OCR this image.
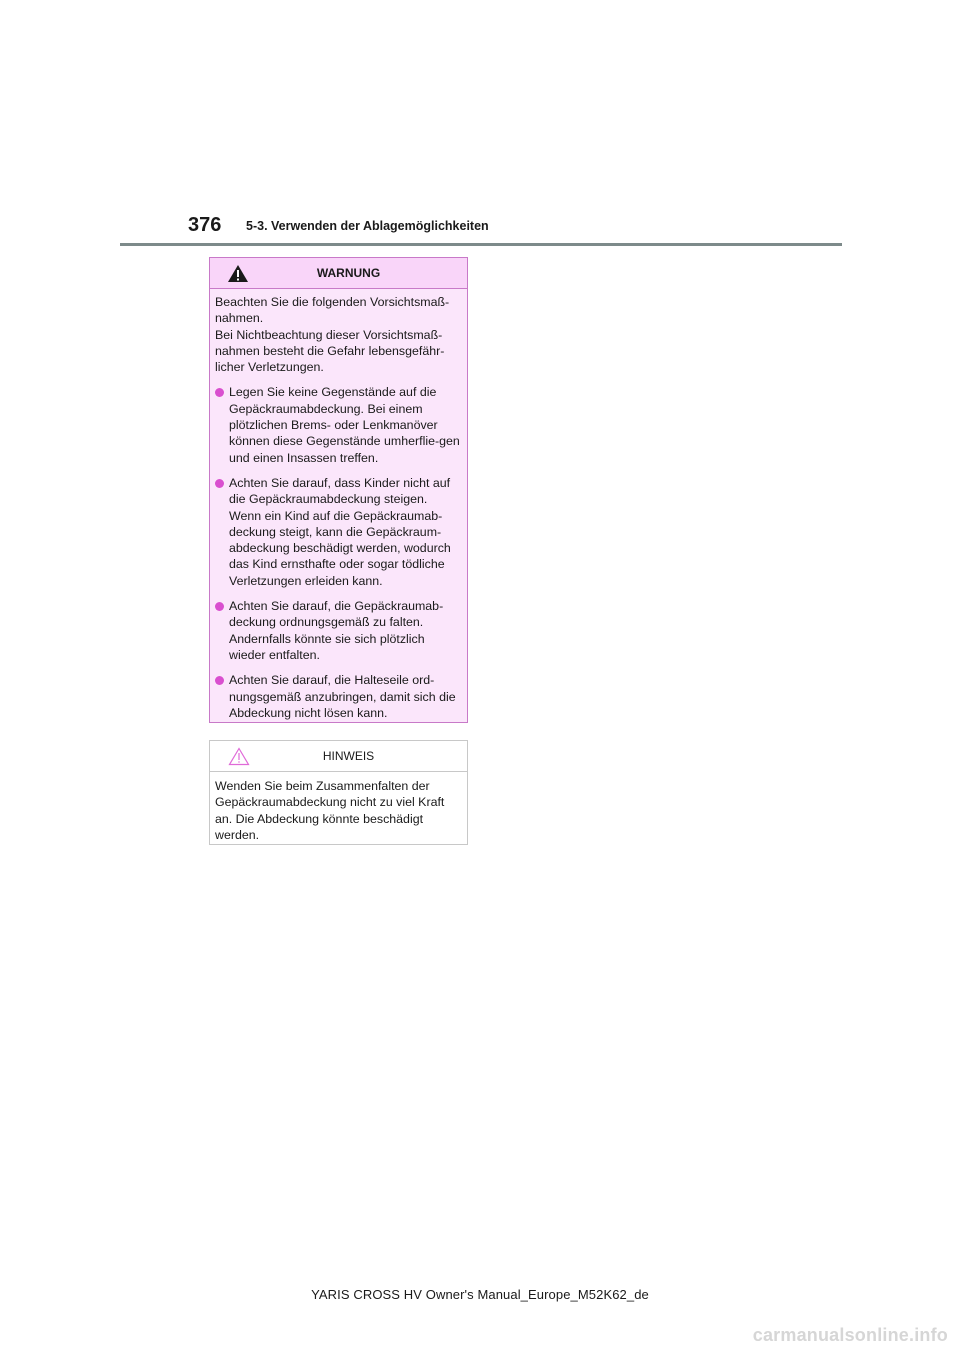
376 5-3. Verwenden der Ablagemöglichkeiten
WARNUNG

Beachten Sie die folgenden Vorsichtsmaß-nahmen.
Bei Nichtbeachtung dieser Vorsichtsmaß-nahmen besteht die Gefahr lebensgefähr-licher Verletzungen.

Legen Sie keine Gegenstände auf die Gepäckraumabdeckung. Bei einem plötzlichen Brems- oder Lenkmanöver können diese Gegenstände umherflie-gen und einen Insassen treffen.
Achten Sie darauf, dass Kinder nicht auf die Gepäckraumabdeckung steigen. Wenn ein Kind auf die Gepäckraumab-deckung steigt, kann die Gepäckraum-abdeckung beschädigt werden, wodurch das Kind ernsthafte oder sogar tödliche Verletzungen erleiden kann.
Achten Sie darauf, die Gepäckraumab-deckung ordnungsgemäß zu falten. Andernfalls könnte sie sich plötzlich wieder entfalten.
Achten Sie darauf, die Halteseile ord-nungsgemäß anzubringen, damit sich die Abdeckung nicht lösen kann.
HINWEIS

Wenden Sie beim Zusammenfalten der Gepäckraumabdeckung nicht zu viel Kraft an. Die Abdeckung könnte beschädigt werden.

YARIS CROSS HV Owner's Manual_Europe_M52K62_de
carmanualsonline.info
